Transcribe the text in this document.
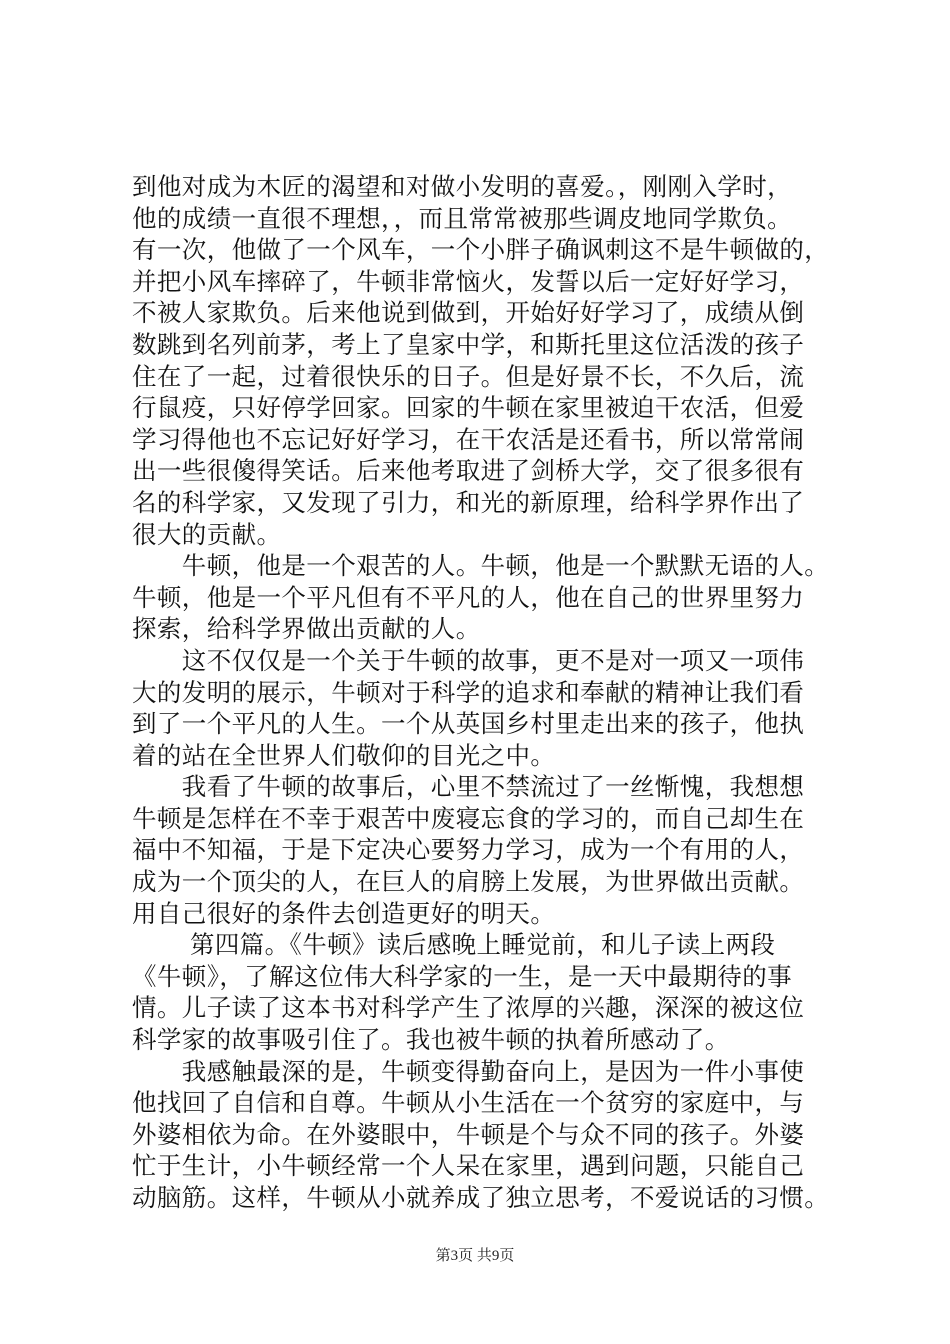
到他对成为木匠的渴望和对做小发明的喜爱。，刚刚入学时，
他的成绩一直很不理想，，而且常常被那些调皮地同学欺负。
有一次，他做了一个风车，一个小胖子确讽刺这不是牛顿做的，
并把小风车摔碎了，牛顿非常恼火，发誓以后一定好好学习，
不被人家欺负。后来他说到做到，开始好好学习了，成绩从倒
数跳到名列前茅，考上了皇家中学，和斯托里这位活泼的孩子
住在了一起，过着很快乐的日子。但是好景不长，不久后，流
行鼠疫，只好停学回家。回家的牛顿在家里被迫干农活，但爱
学习得他也不忘记好好学习，在干农活是还看书，所以常常闹
出一些很傻得笑话。后来他考取进了剑桥大学，交了很多很有
名的科学家，又发现了引力，和光的新原理，给科学界作出了
很大的贡献。

　　牛顿，他是一个艰苦的人。牛顿，他是一个默默无语的人。
牛顿，他是一个平凡但有不平凡的人，他在自己的世界里努力
探索，给科学界做出贡献的人。

　　这不仅仅是一个关于牛顿的故事，更不是对一项又一项伟
大的发明的展示，牛顿对于科学的追求和奉献的精神让我们看
到了一个平凡的人生。一个从英国乡村里走出来的孩子，他执
着的站在全世界人们敬仰的目光之中。

　　我看了牛顿的故事后，心里不禁流过了一丝惭愧，我想想
牛顿是怎样在不幸于艰苦中废寝忘食的学习的，而自己却生在
福中不知福，于是下定决心要努力学习，成为一个有用的人，
成为一个顶尖的人，在巨人的肩膀上发展，为世界做出贡献。
用自己很好的条件去创造更好的明天。

　　 第四篇。《牛顿》读后感晚上睡觉前，和儿子读上两段
《牛顿》，了解这位伟大科学家的一生，是一天中最期待的事
情。儿子读了这本书对科学产生了浓厚的兴趣，深深的被这位
科学家的故事吸引住了。我也被牛顿的执着所感动了。

　　我感触最深的是，牛顿变得勤奋向上，是因为一件小事使
他找回了自信和自尊。牛顿从小生活在一个贫穷的家庭中，与
外婆相依为命。在外婆眼中，牛顿是个与众不同的孩子。外婆
忙于生计，小牛顿经常一个人呆在家里，遇到问题，只能自己
动脑筋。这样，牛顿从小就养成了独立思考，不爱说话的习惯。

第3页 共9页
